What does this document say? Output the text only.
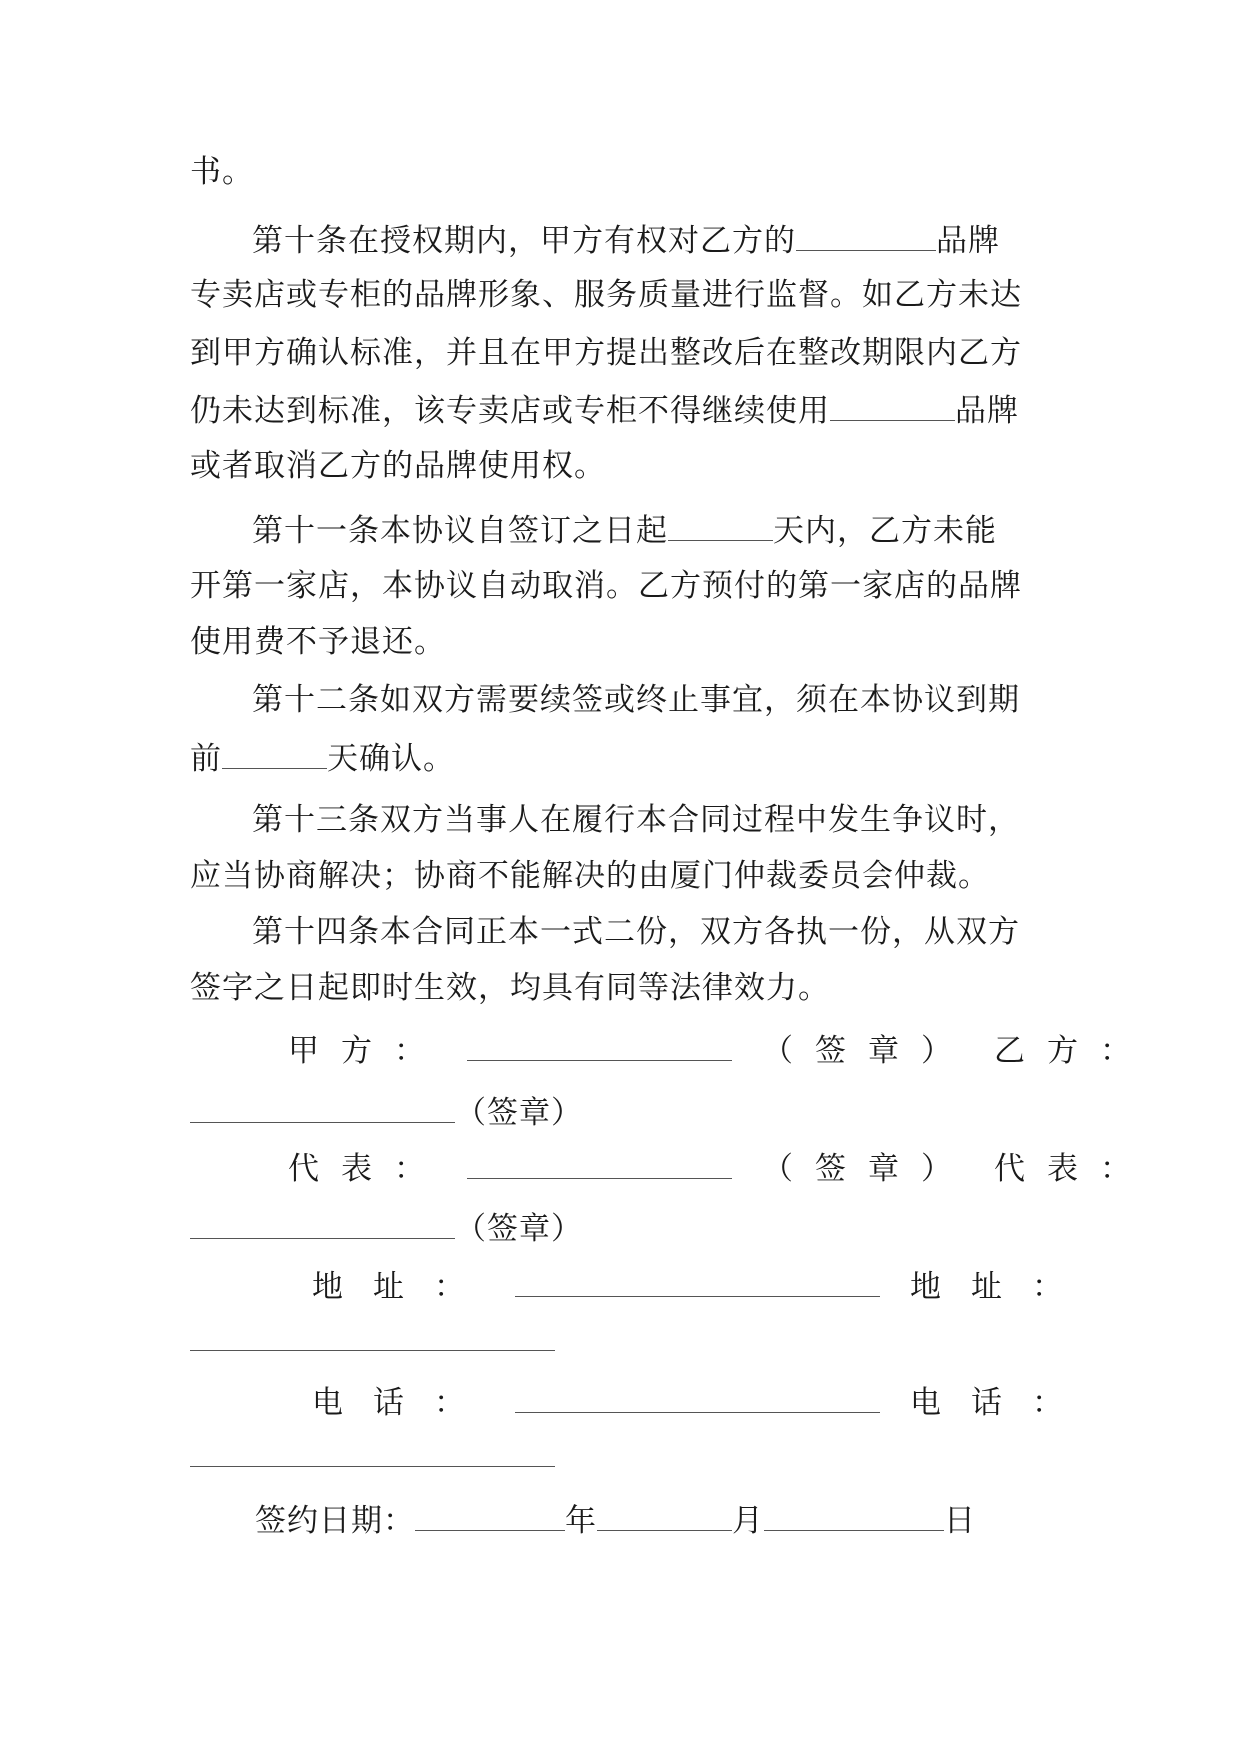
书。
第十条在授权期内，甲方有权对乙方的	品牌
专卖店或专柜的品牌形象、服务质量进行监督。如乙方未达
到甲方确认标准，并且在甲方提出整改后在整改期限内乙方
仍未达到标准，该专卖店或专柜不得继续使用	品牌
或者取消乙方的品牌使用权。
第十一条本协议自签订之日起	天内，乙方未能
开第一家店，本协议自动取消。乙方预付的第一家店的品牌
使用费不予退还。
第十二条如双方需要续签或终止事宜，须在本协议到期
前	天确认。
第十三条双方当事人在履行本合同过程中发生争议时，
应当协商解决；协商不能解决的由厦门仲裁委员会仲裁。
第十四条本合同正本一式二份，双方各执一份，从双方
签字之日起即时生效，均具有同等法律效力。
甲方：	（签章） 乙方：
（签章）
代表：	（签章） 代表：
（签章）
地址：	地址：
电话：	电话：
签约日期：	年	月	日
